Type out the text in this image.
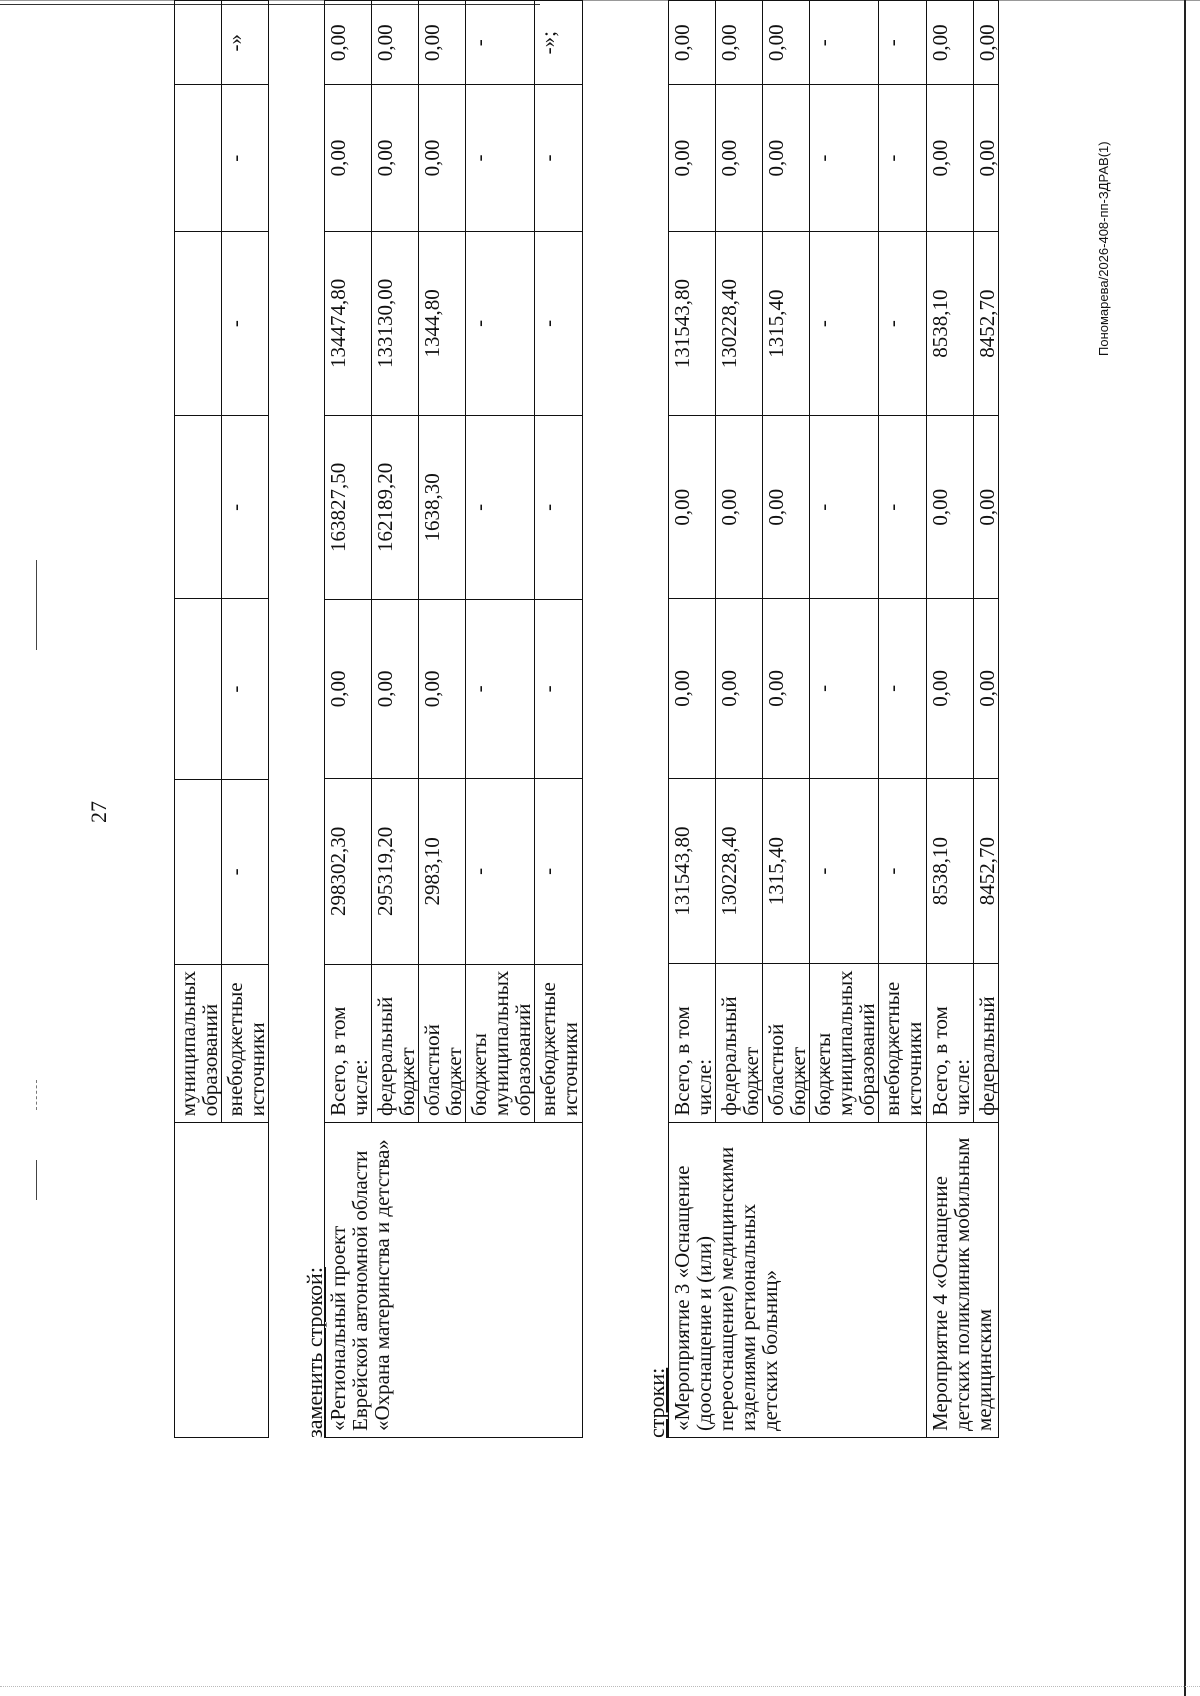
27
	муниципальных образований						
	внебюджетные источники	-	-	-	-	-	-»
заменить строкой: «Региональный проект Еврейской автономной области «Охрана материнства и детства»	Всего, в том числе:	298302,30	0,00	163827,50	134474,80	0,00	0,00
	федеральный бюджет	295319,20	0,00	162189,20	133130,00	0,00	0,00
	областной бюджет	2983,10	0,00	1638,30	1344,80	0,00	0,00
	бюджеты муниципальных образований	-	-	-	-	-	-
	внебюджетные источники	-	-	-	-	-	-»;
строки: «Мероприятие 3 «Оснащение (дооснащение и (или) переоснащение) медицинскими изделиями региональных детских больниц»	Всего, в том числе:	131543,80	0,00	0,00	131543,80	0,00	0,00
	федеральный бюджет	130228,40	0,00	0,00	130228,40	0,00	0,00
	областной бюджет	1315,40	0,00	0,00	1315,40	0,00	0,00
	бюджеты муниципальных образований	-	-	-	-	-	-
	внебюджетные источники	-	-	-	-	-	-
Мероприятие 4 «Оснащение детских поликлиник мобильным медицинским	Всего, в том числе:	8538,10	0,00	0,00	8538,10	0,00	0,00
	федеральный	8452,70	0,00	0,00	8452,70	0,00	0,00
Пономарева/2026-408-пп-ЗДРАВ(1)
